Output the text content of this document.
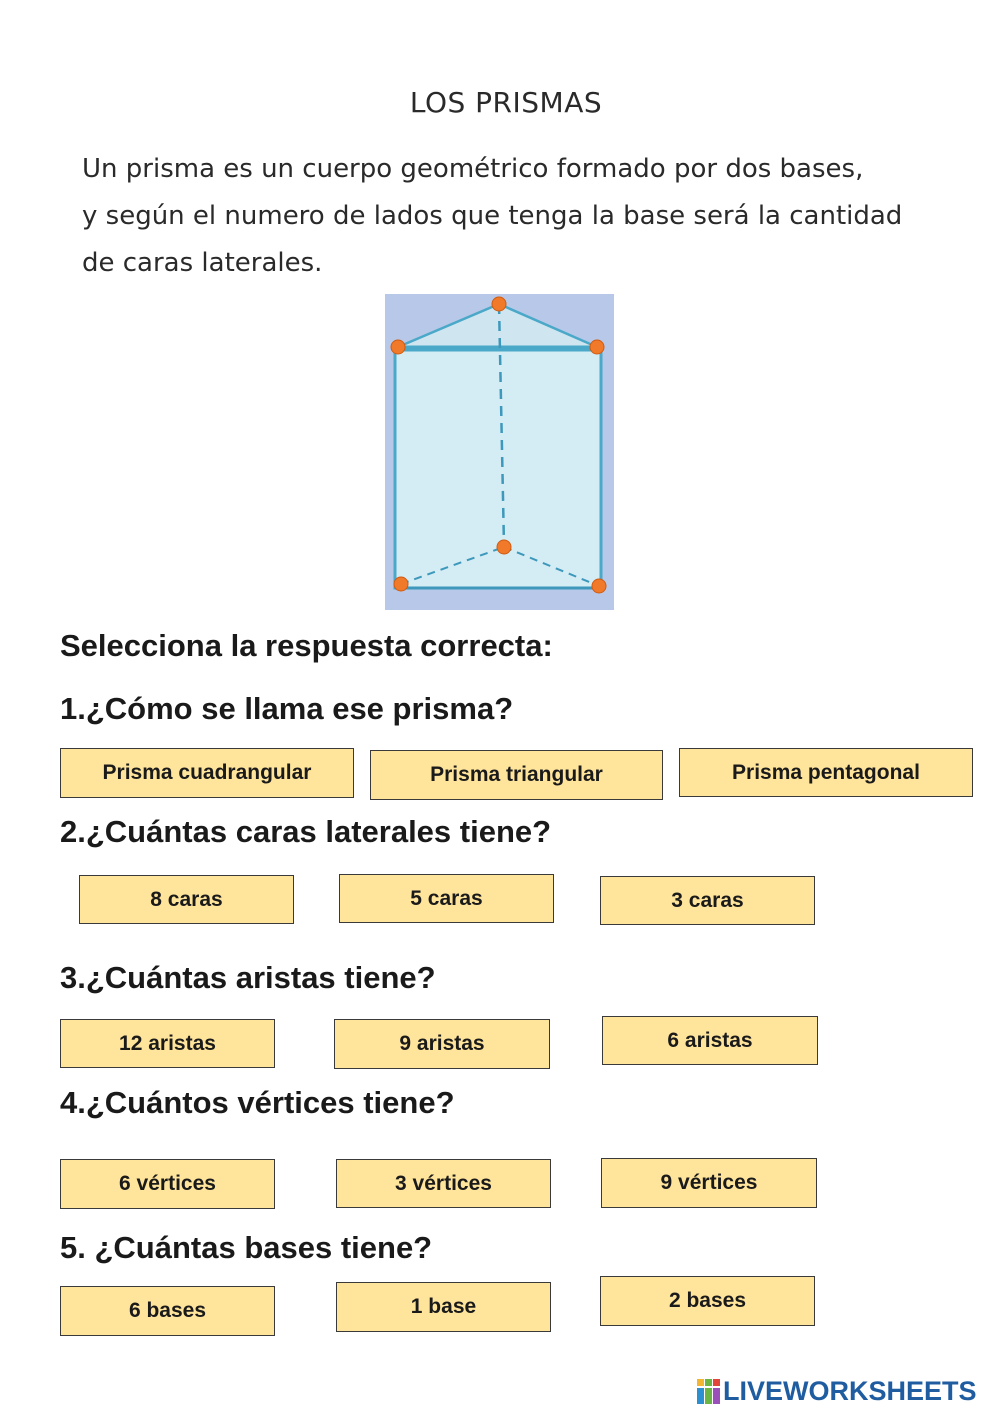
LOS PRISMAS
Un prisma es un cuerpo geométrico formado por dos bases,
y según el numero de lados que tenga la base será la cantidad
de caras laterales.
Selecciona la respuesta correcta:
1.¿Cómo se llama ese prisma?
Prisma cuadrangular	Prisma triangular	Prisma pentagonal
2.¿Cuántas caras laterales tiene?
8 caras	5 caras	3 caras
3.¿Cuántas aristas tiene?
12 aristas	9 aristas	6 aristas
4.¿Cuántos vértices tiene?
6 vértices	3 vértices	9 vértices
5. ¿Cuántas bases tiene?
6 bases	1 base	2 bases
LIVEWORKSHEETS
